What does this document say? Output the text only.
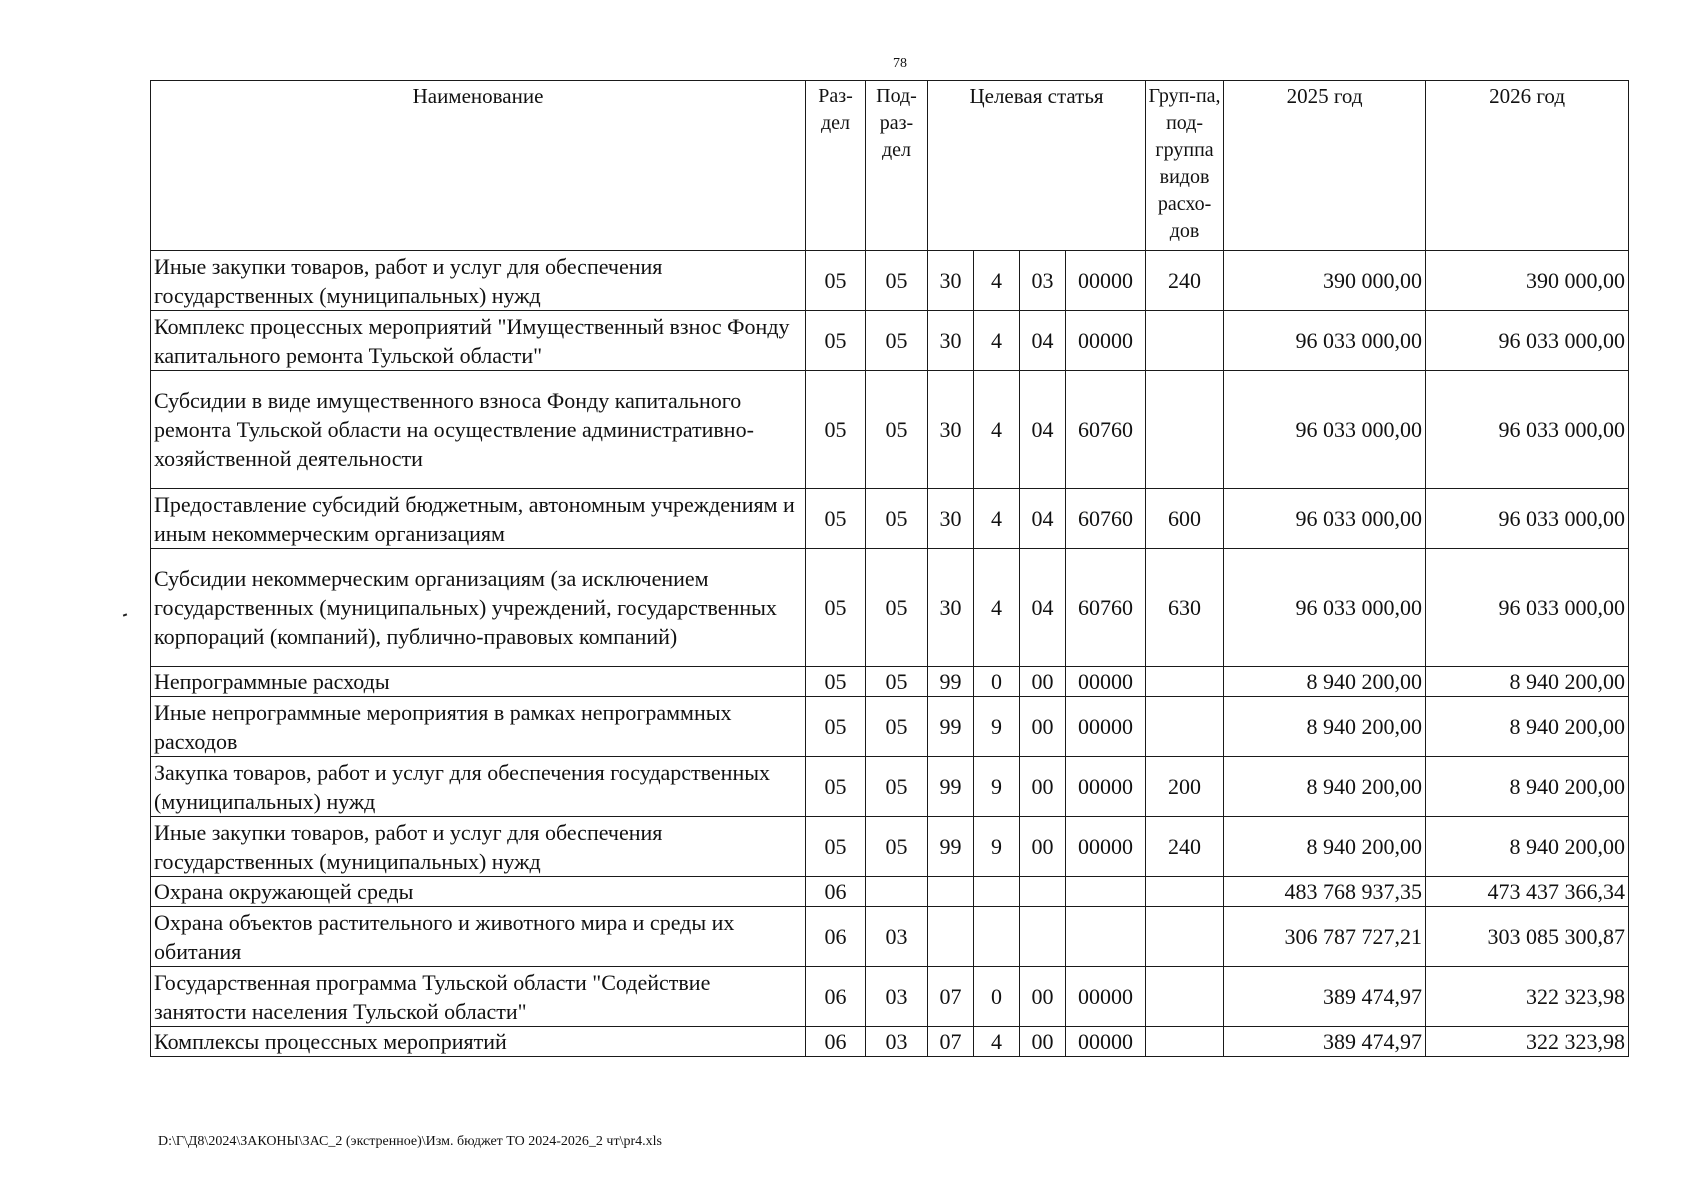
78
Наименование	Раз-дел	Под-раз-дел	Целевая статья				Груп-па, под-группа видов расхо-дов	2025 год	2026 год
Иные закупки товаров, работ и услуг для обеспечения государственных (муниципальных) нужд	05	05	30	4	03	00000	240	390 000,00	390 000,00
Комплекс процессных мероприятий "Имущественный взнос Фонду капитального ремонта Тульской области"	05	05	30	4	04	00000		96 033 000,00	96 033 000,00
Субсидии в виде имущественного взноса Фонду капитального ремонта Тульской области на осуществление административно-хозяйственной деятельности	05	05	30	4	04	60760		96 033 000,00	96 033 000,00
Предоставление субсидий бюджетным, автономным учреждениям и иным некоммерческим организациям	05	05	30	4	04	60760	600	96 033 000,00	96 033 000,00
Субсидии некоммерческим организациям (за исключением государственных (муниципальных) учреждений, государственных корпораций (компаний), публично-правовых компаний)	05	05	30	4	04	60760	630	96 033 000,00	96 033 000,00
Непрограммные расходы	05	05	99	0	00	00000		8 940 200,00	8 940 200,00
Иные непрограммные мероприятия в рамках непрограммных расходов	05	05	99	9	00	00000		8 940 200,00	8 940 200,00
Закупка товаров, работ и услуг для обеспечения государственных (муниципальных) нужд	05	05	99	9	00	00000	200	8 940 200,00	8 940 200,00
Иные закупки товаров, работ и услуг для обеспечения государственных (муниципальных) нужд	05	05	99	9	00	00000	240	8 940 200,00	8 940 200,00
Охрана окружающей среды	06							483 768 937,35	473 437 366,34
Охрана объектов растительного и животного мира и среды их обитания	06	03						306 787 727,21	303 085 300,87
Государственная программа Тульской области "Содействие занятости населения Тульской области"	06	03	07	0	00	00000		389 474,97	322 323,98
Комплексы процессных мероприятий	06	03	07	4	00	00000		389 474,97	322 323,98
D:\Г\Д8\2024\ЗАКОНЫ\ЗАС_2 (экстренное)\Изм. бюджет ТО 2024-2026_2 чт\pr4.xls
